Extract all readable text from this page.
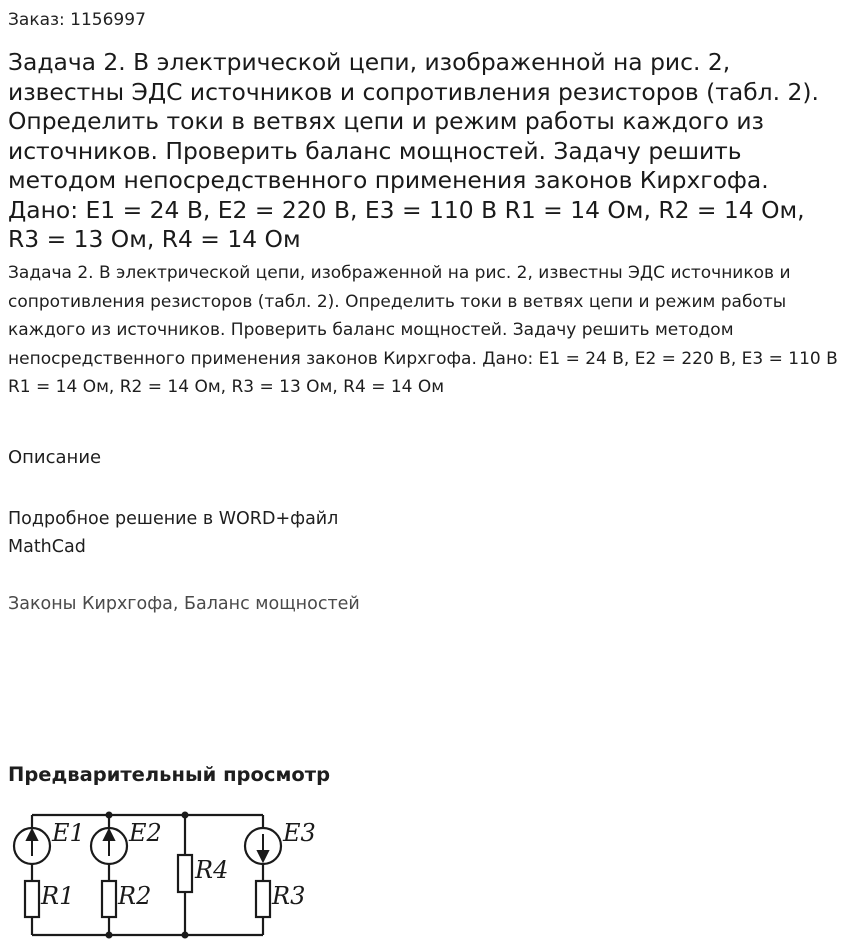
Заказ: 1156997
Задача 2. В электрической цепи, изображенной на рис. 2, известны ЭДС источников и сопротивления резисторов (табл. 2). Определить токи в ветвях цепи и режим работы каждого из источников. Проверить баланс мощностей. Задачу решить методом непосредственного применения законов Кирхгофа. Дано: Е1 = 24 В, Е2 = 220 В, Е3 = 110 В R1 = 14 Ом, R2 = 14 Ом, R3 = 13 Ом, R4 = 14 Ом

Задача 2. В электрической цепи, изображенной на рис. 2, известны ЭДС источников и сопротивления резисторов (табл. 2). Определить токи в ветвях цепи и режим работы каждого из источников. Проверить баланс мощностей. Задачу решить методом непосредственного применения законов Кирхгофа. Дано: Е1 = 24 В, Е2 = 220 В, Е3 = 110 В R1 = 14 Ом, R2 = 14 Ом, R3 = 13 Ом, R4 = 14 Ом

Описание
Подробное решение в WORD+файл
MathCad
Законы Кирхгофа, Баланс мощностей
Предварительный просмотр
E1 E2	E3
R1 R2	R3
R4
